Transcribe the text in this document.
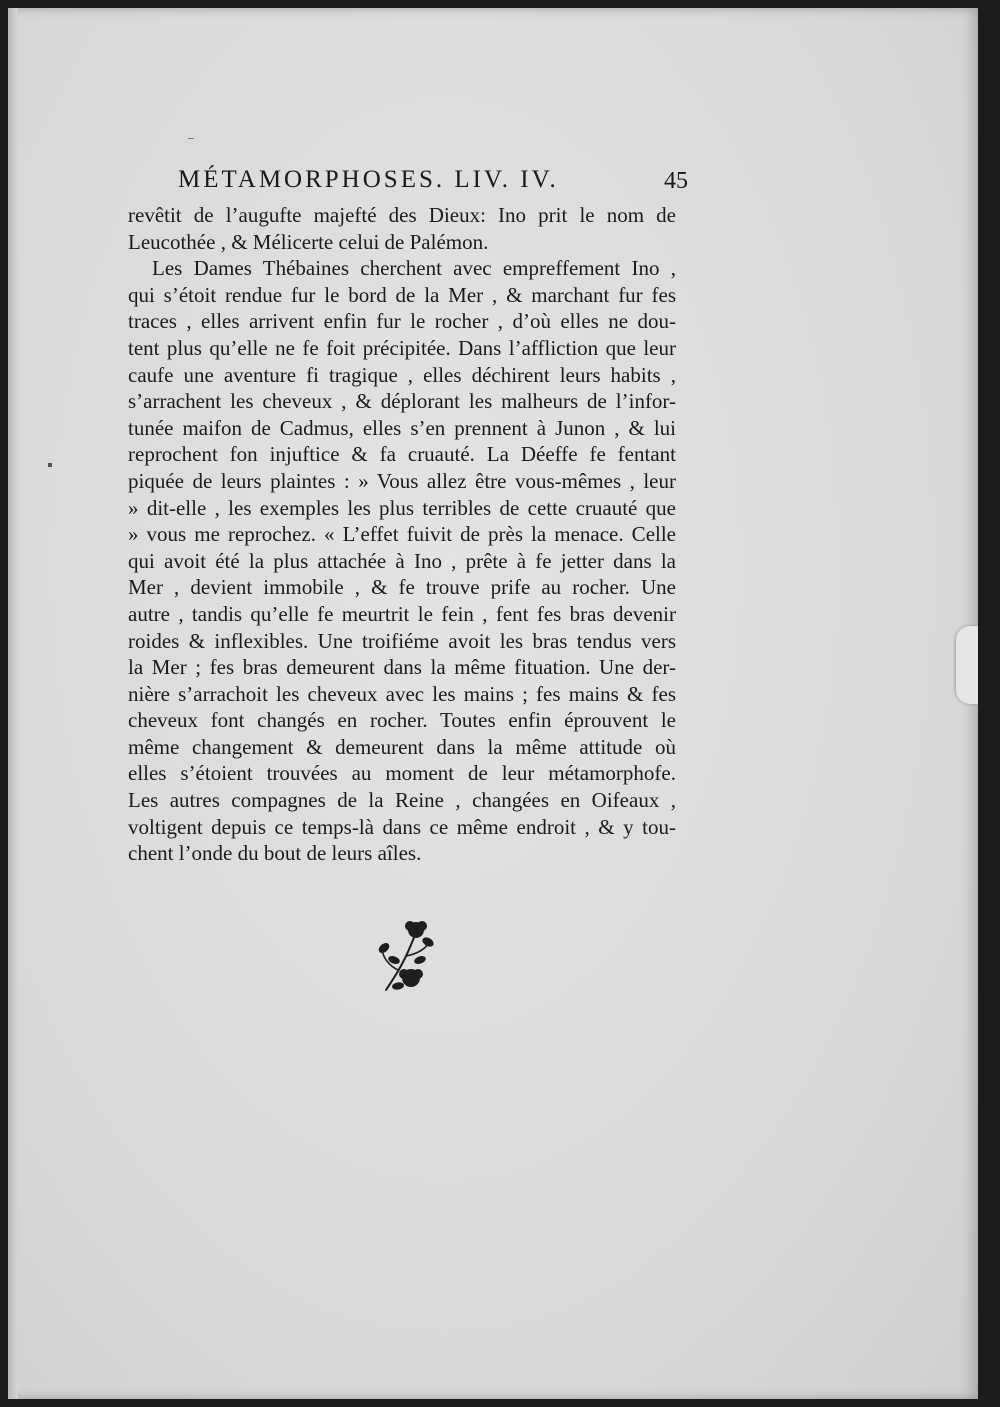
MÉTAMORPHOSES. LIV. IV.	45
revêtit de l’augufte majefté des Dieux: Ino prit le nom de
Leucothée , & Mélicerte celui de Palémon.
Les Dames Thébaines cherchent avec empreffement Ino ,
qui s’étoit rendue fur le bord de la Mer , & marchant fur fes
traces , elles arrivent enfin fur le rocher , d’où elles ne dou-
tent plus qu’elle ne fe foit précipitée. Dans l’affliction que leur
caufe une aventure fi tragique , elles déchirent leurs habits ,
s’arrachent les cheveux , & déplorant les malheurs de l’infor-
tunée maifon de Cadmus, elles s’en prennent à Junon , & lui
reprochent fon injuftice & fa cruauté. La Déeffe fe fentant
piquée de leurs plaintes : » Vous allez être vous-mêmes , leur
» dit-elle , les exemples les plus terribles de cette cruauté que
» vous me reprochez. « L’effet fuivit de près la menace. Celle
qui avoit été la plus attachée à Ino , prête à fe jetter dans la
Mer , devient immobile , & fe trouve prife au rocher. Une
autre , tandis qu’elle fe meurtrit le fein , fent fes bras devenir
roides & inflexibles. Une troifiéme avoit les bras tendus vers
la Mer ; fes bras demeurent dans la même fituation. Une der-
nière s’arrachoit les cheveux avec les mains ; fes mains & fes
cheveux font changés en rocher. Toutes enfin éprouvent le
même changement & demeurent dans la même attitude où
elles s’étoient trouvées au moment de leur métamorphofe.
Les autres compagnes de la Reine , changées en Oifeaux ,
voltigent depuis ce temps-là dans ce même endroit , & y tou-
chent l’onde du bout de leurs aîles.
